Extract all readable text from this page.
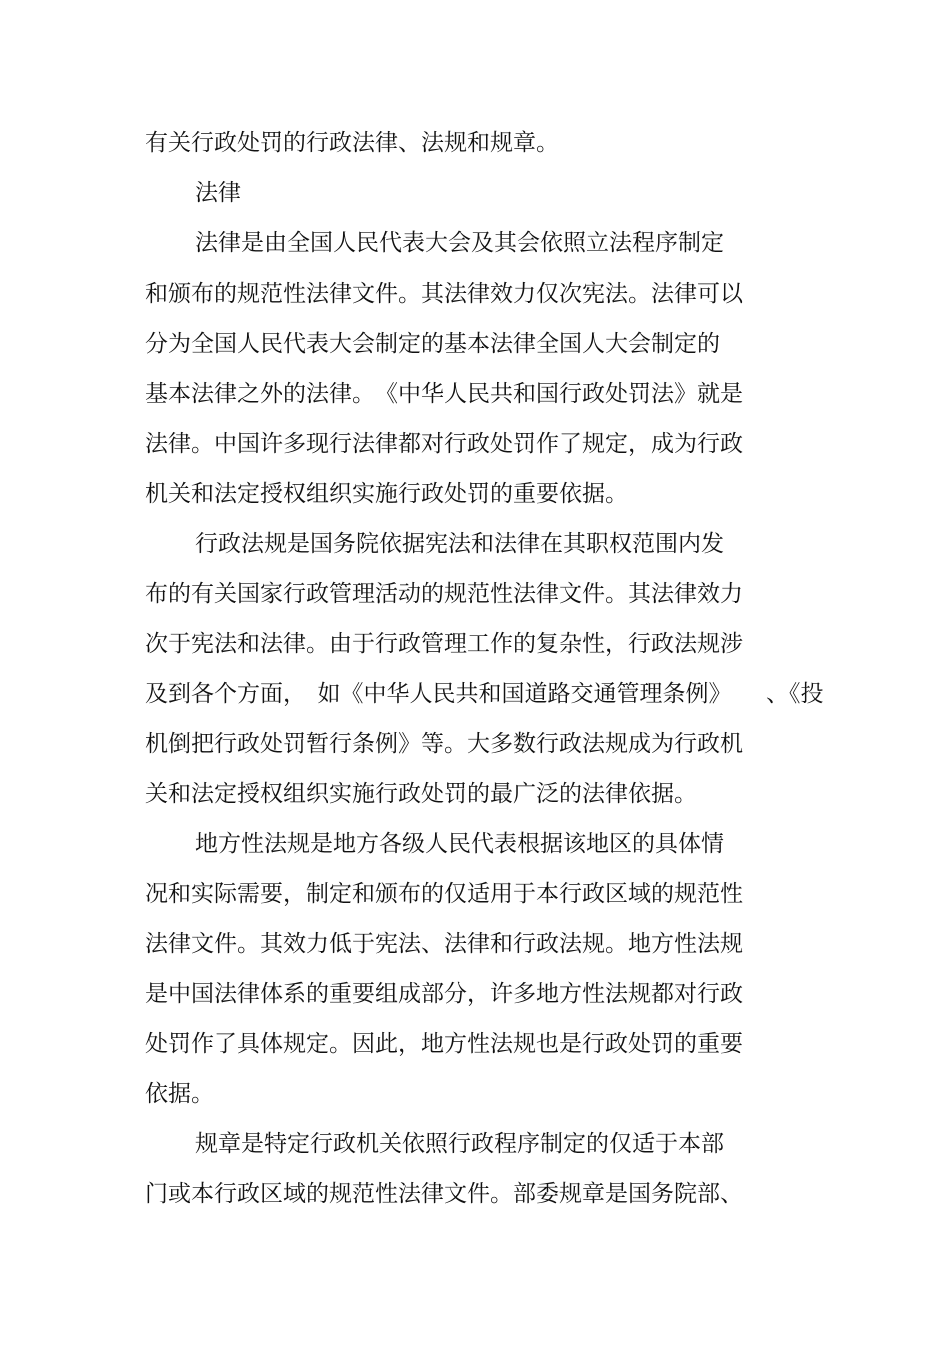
有关行政处罚的行政法律、法规和规章。
法律
法律是由全国人民代表大会及其会依照立法程序制定
和颁布的规范性法律文件。其法律效力仅次宪法。法律可以
分为全国人民代表大会制定的基本法律全国人大会制定的
基本法律之外的法律。　《中华人民共和国行政处罚法》就是
法律。中国许多现行法律都对行政处罚作了规定，成为行政
机关和法定授权组织实施行政处罚的重要依据。
行政法规是国务院依据宪法和法律在其职权范围内发
布的有关国家行政管理活动的规范性法律文件。其法律效力
次于宪法和法律。由于行政管理工作的复杂性，行政法规涉
及到各个方面，　如《中华人民共和国道路交通管理条例》　　、《投
机倒把行政处罚暂行条例》等。大多数行政法规成为行政机
关和法定授权组织实施行政处罚的最广泛的法律依据。
地方性法规是地方各级人民代表根据该地区的具体情
况和实际需要，制定和颁布的仅适用于本行政区域的规范性
法律文件。其效力低于宪法、法律和行政法规。地方性法规
是中国法律体系的重要组成部分，许多地方性法规都对行政
处罚作了具体规定。因此，地方性法规也是行政处罚的重要
依据。
规章是特定行政机关依照行政程序制定的仅适于本部
门或本行政区域的规范性法律文件。部委规章是国务院部、
